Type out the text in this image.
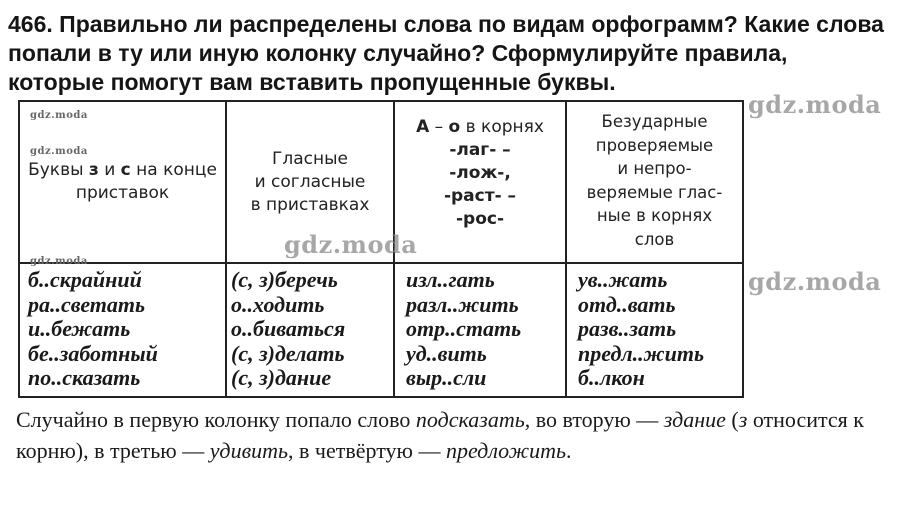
466. Правильно ли распределены слова по видам орфограмм? Какие слова попали в ту или иную колонку случайно? Сформулируйте правила, которые помогут вам вставить пропущенные буквы.
Буквы з и с на конце приставок
Гласные
и согласные
в приставках
А – о в корнях
-лаг- –
-лож-,
-раст- –
-рос-
Безударные
проверяемые
и непро-
веряемые глас-
ные в корнях
слов
б..скрайний
ра..светать
и..бежать
бе..заботный
по..сказать
(с, з)беречь
о..ходить
о..биваться
(с, з)делать
(с, з)дание
изл..гать
разл..жить
отр..стать
уд..вить
выр..сли
ув..жать
отд..вать
разв..зать
предл..жить
б..лкон
gdz.moda
gdz.moda
gdz.moda
gdz.moda
gdz.moda
gdz.moda
Случайно в первую колонку попало слово подсказать, во вторую — здание (з относится к корню), в третью — удивить, в четвёртую — предложить.
